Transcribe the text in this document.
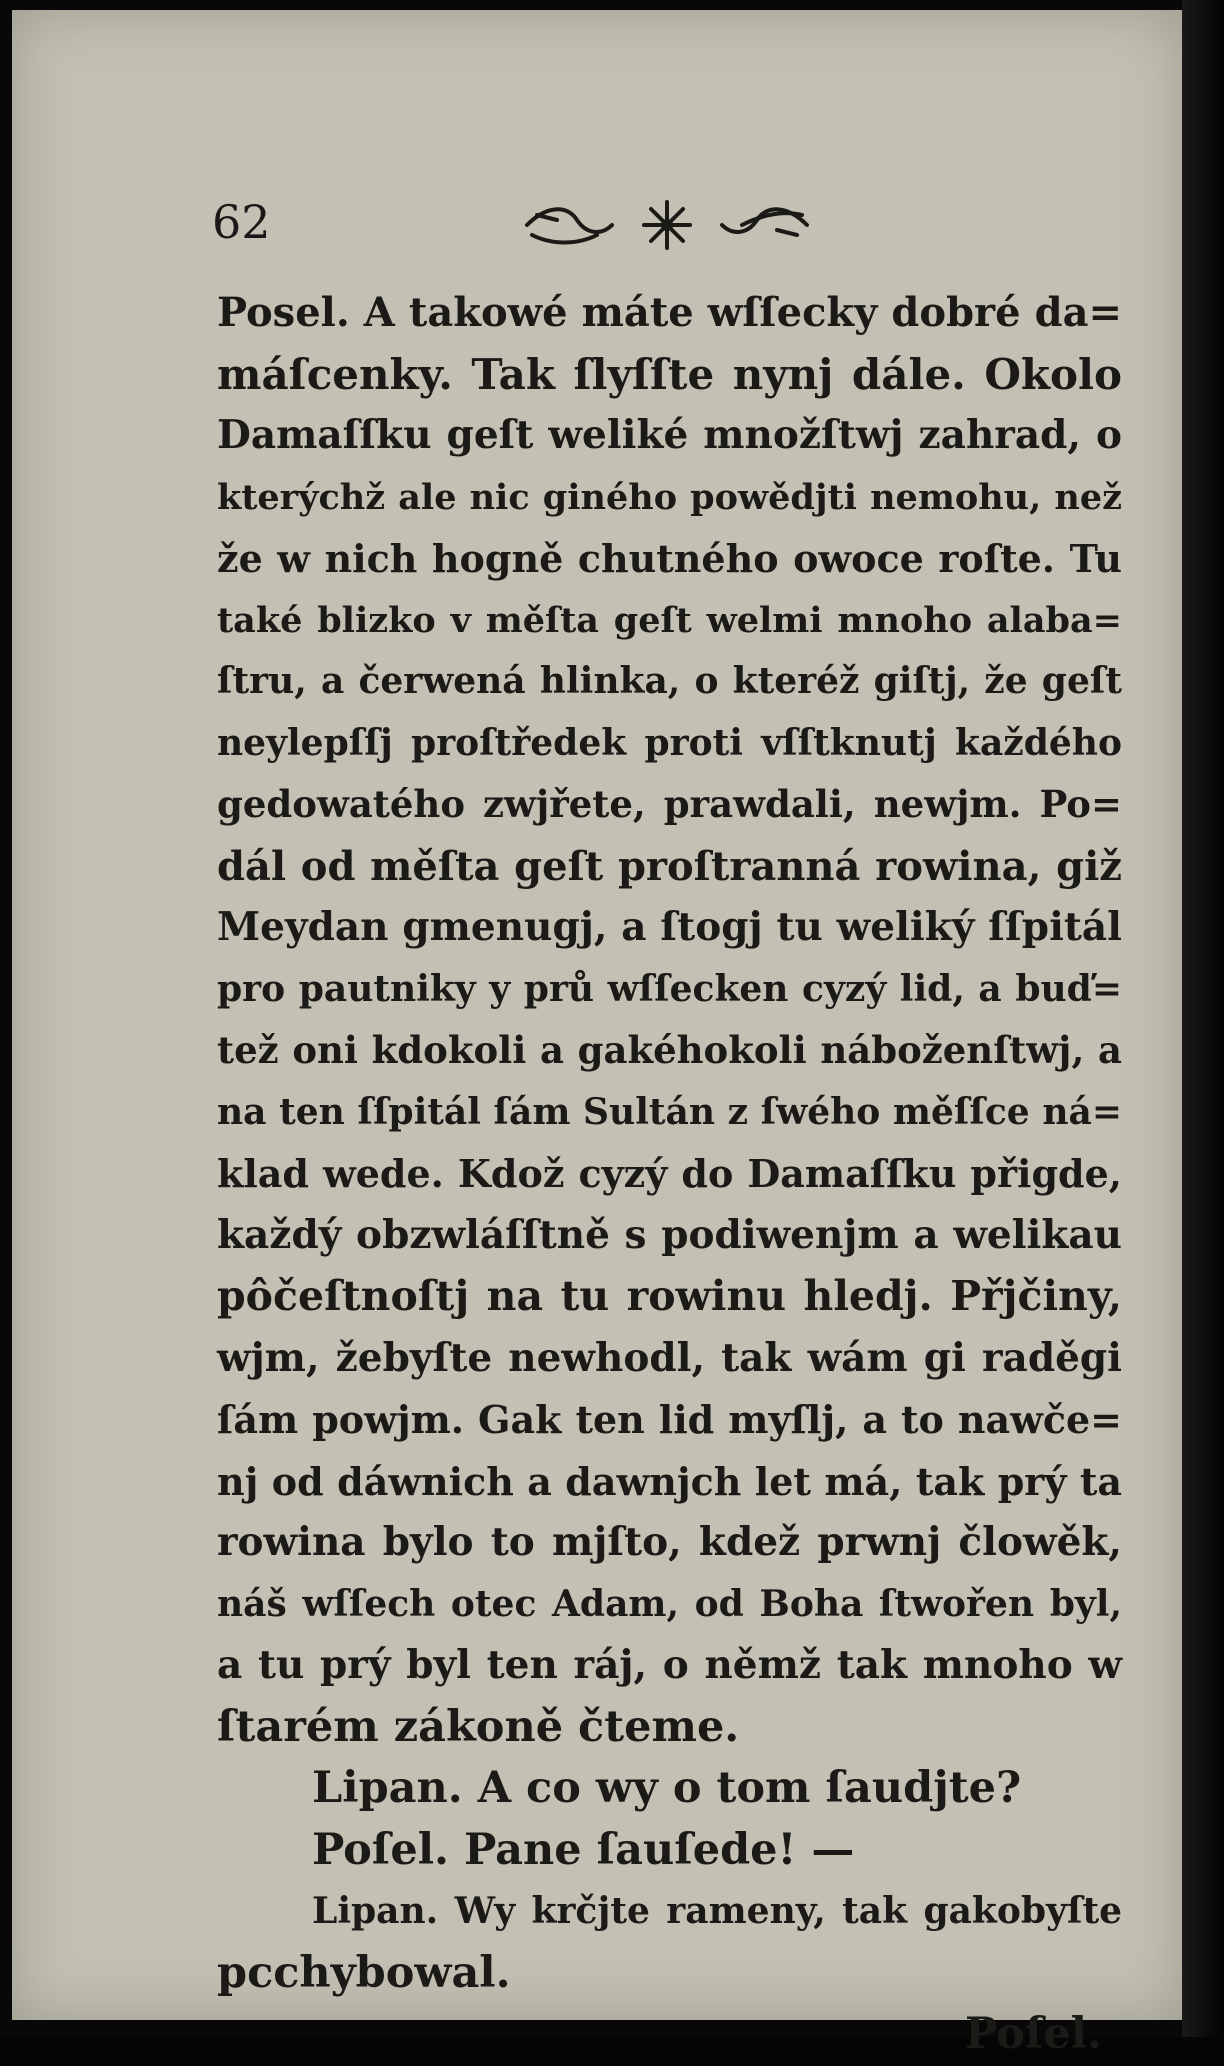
62
Posel. A takowé máte wſſecky dobré da=
máſcenky. Tak ſlyſſte nynj dále. Okolo
Damaſſku geſt weliké množſtwj zahrad, o
kterýchž ale nic giného powědjti nemohu, než
že w nich hogně chutného owoce roſte. Tu
také blizko v měſta geſt welmi mnoho alaba=
ſtru, a čerwená hlinka, o kteréž giſtj, že geſt
neylepſſj proſtředek proti vſſtknutj každého
gedowatého zwjřete, prawdali, newjm. Po=
dál od měſta geſt proſtranná rowina, giž
Meydan gmenugj, a ſtogj tu weliký ſſpitál
pro pautniky y prů wſſecken cyzý lid, a buď=
tež oni kdokoli a gakéhokoli náboženſtwj, a
na ten ſſpitál ſám Sultán z ſwého měſſce ná=
klad wede. Kdož cyzý do Damaſſku přigde,
každý obzwláſſtně s podiwenjm a welikau
pôčeſtnoſtj na tu rowinu hledj. Přjčiny,
wjm, žebyſte newhodl, tak wám gi raděgi
ſám powjm. Gak ten lid myſlj, a to nawče=
nj od dáwnich a dawnjch let má, tak prý ta
rowina bylo to mjſto, kdež prwnj člowěk,
náš wſſech otec Adam, od Boha ſtwořen byl,
a tu prý byl ten ráj, o němž tak mnoho w
ſtarém zákoně čteme.
Lipan. A co wy o tom ſaudjte?
Poſel. Pane ſauſede! —
Lipan. Wy krčjte rameny, tak gakobyſte
pcchybowal.
Poſel.
